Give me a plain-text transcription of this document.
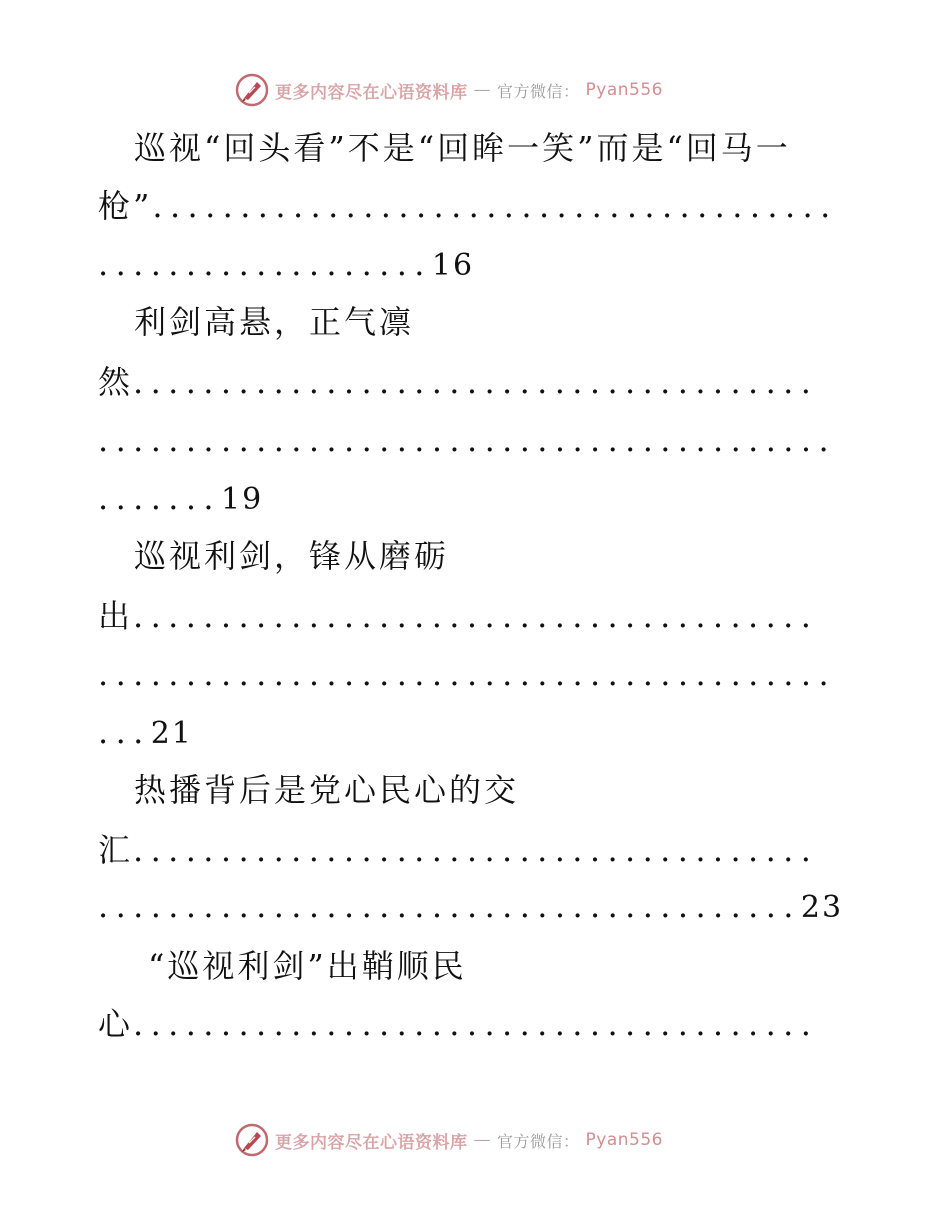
更多内容尽在心语资料库 — 官方微信： Pyan556
巡视“回头看”不是“回眸一笑”而是“回马一
枪”.......................................
...................16
利剑高悬，正气凛
然.......................................
..........................................
.......19
巡视利剑，锋从磨砺
出.......................................
..........................................
...21
热播背后是党心民心的交
汇.......................................
........................................23
“巡视利剑”出鞘顺民
心.......................................
更多内容尽在心语资料库 — 官方微信： Pyan556
